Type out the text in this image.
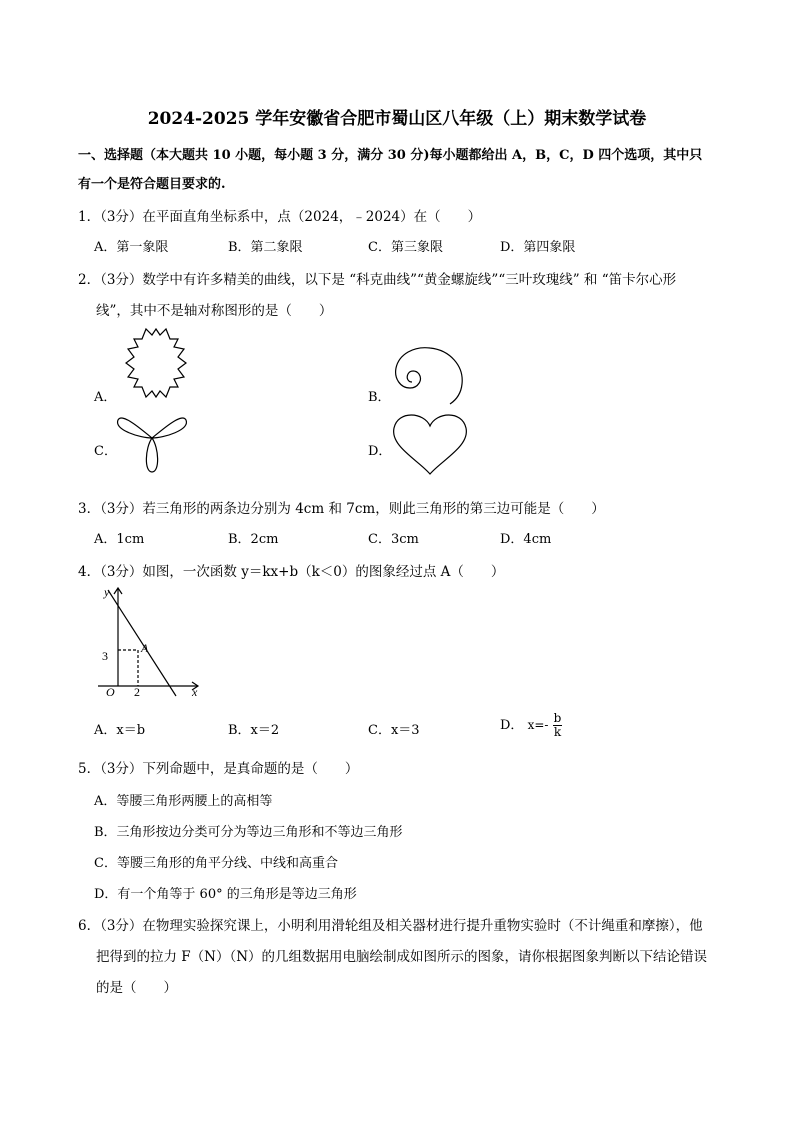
2024-2025 学年安徽省合肥市蜀山区八年级（上）期末数学试卷
一、选择题（本大题共 10 小题，每小题 3 分，满分 30 分)每小题都给出 A，B，C，D 四个选项，其中只
有一个是符合题目要求的.
1．（3分）在平面直角坐标系中，点（2024，﹣2024）在（　　）
A．第一象限	B．第二象限	C．第三象限	D．第四象限
2．（3分）数学中有许多精美的曲线，以下是 “科克曲线”“黄金螺旋线”“三叶玫瑰线” 和 “笛卡尔心形
线”，其中不是轴对称图形的是（　　）
A．	B．
C．	D．
3．（3分）若三角形的两条边分别为 4cm 和 7cm，则此三角形的第三边可能是（　　）
A．1cm	B．2cm	C．3cm	D．4cm
4．（3分）如图，一次函数 y＝kx+b（k＜0）的图象经过点 A（　　）
y
x
O
3
2
A
A．x＝b	B．x＝2	C．x＝3	D． $x=- \frac{b}{k}$
5．（3分）下列命题中，是真命题的是（　　）
A．等腰三角形两腰上的高相等
B．三角形按边分类可分为等边三角形和不等边三角形
C．等腰三角形的角平分线、中线和高重合
D．有一个角等于 60° 的三角形是等边三角形
6．（3分）在物理实验探究课上，小明利用滑轮组及相关器材进行提升重物实验时（不计绳重和摩擦），他
把得到的拉力 F（N）（N）的几组数据用电脑绘制成如图所示的图象，请你根据图象判断以下结论错误
的是（　　）
